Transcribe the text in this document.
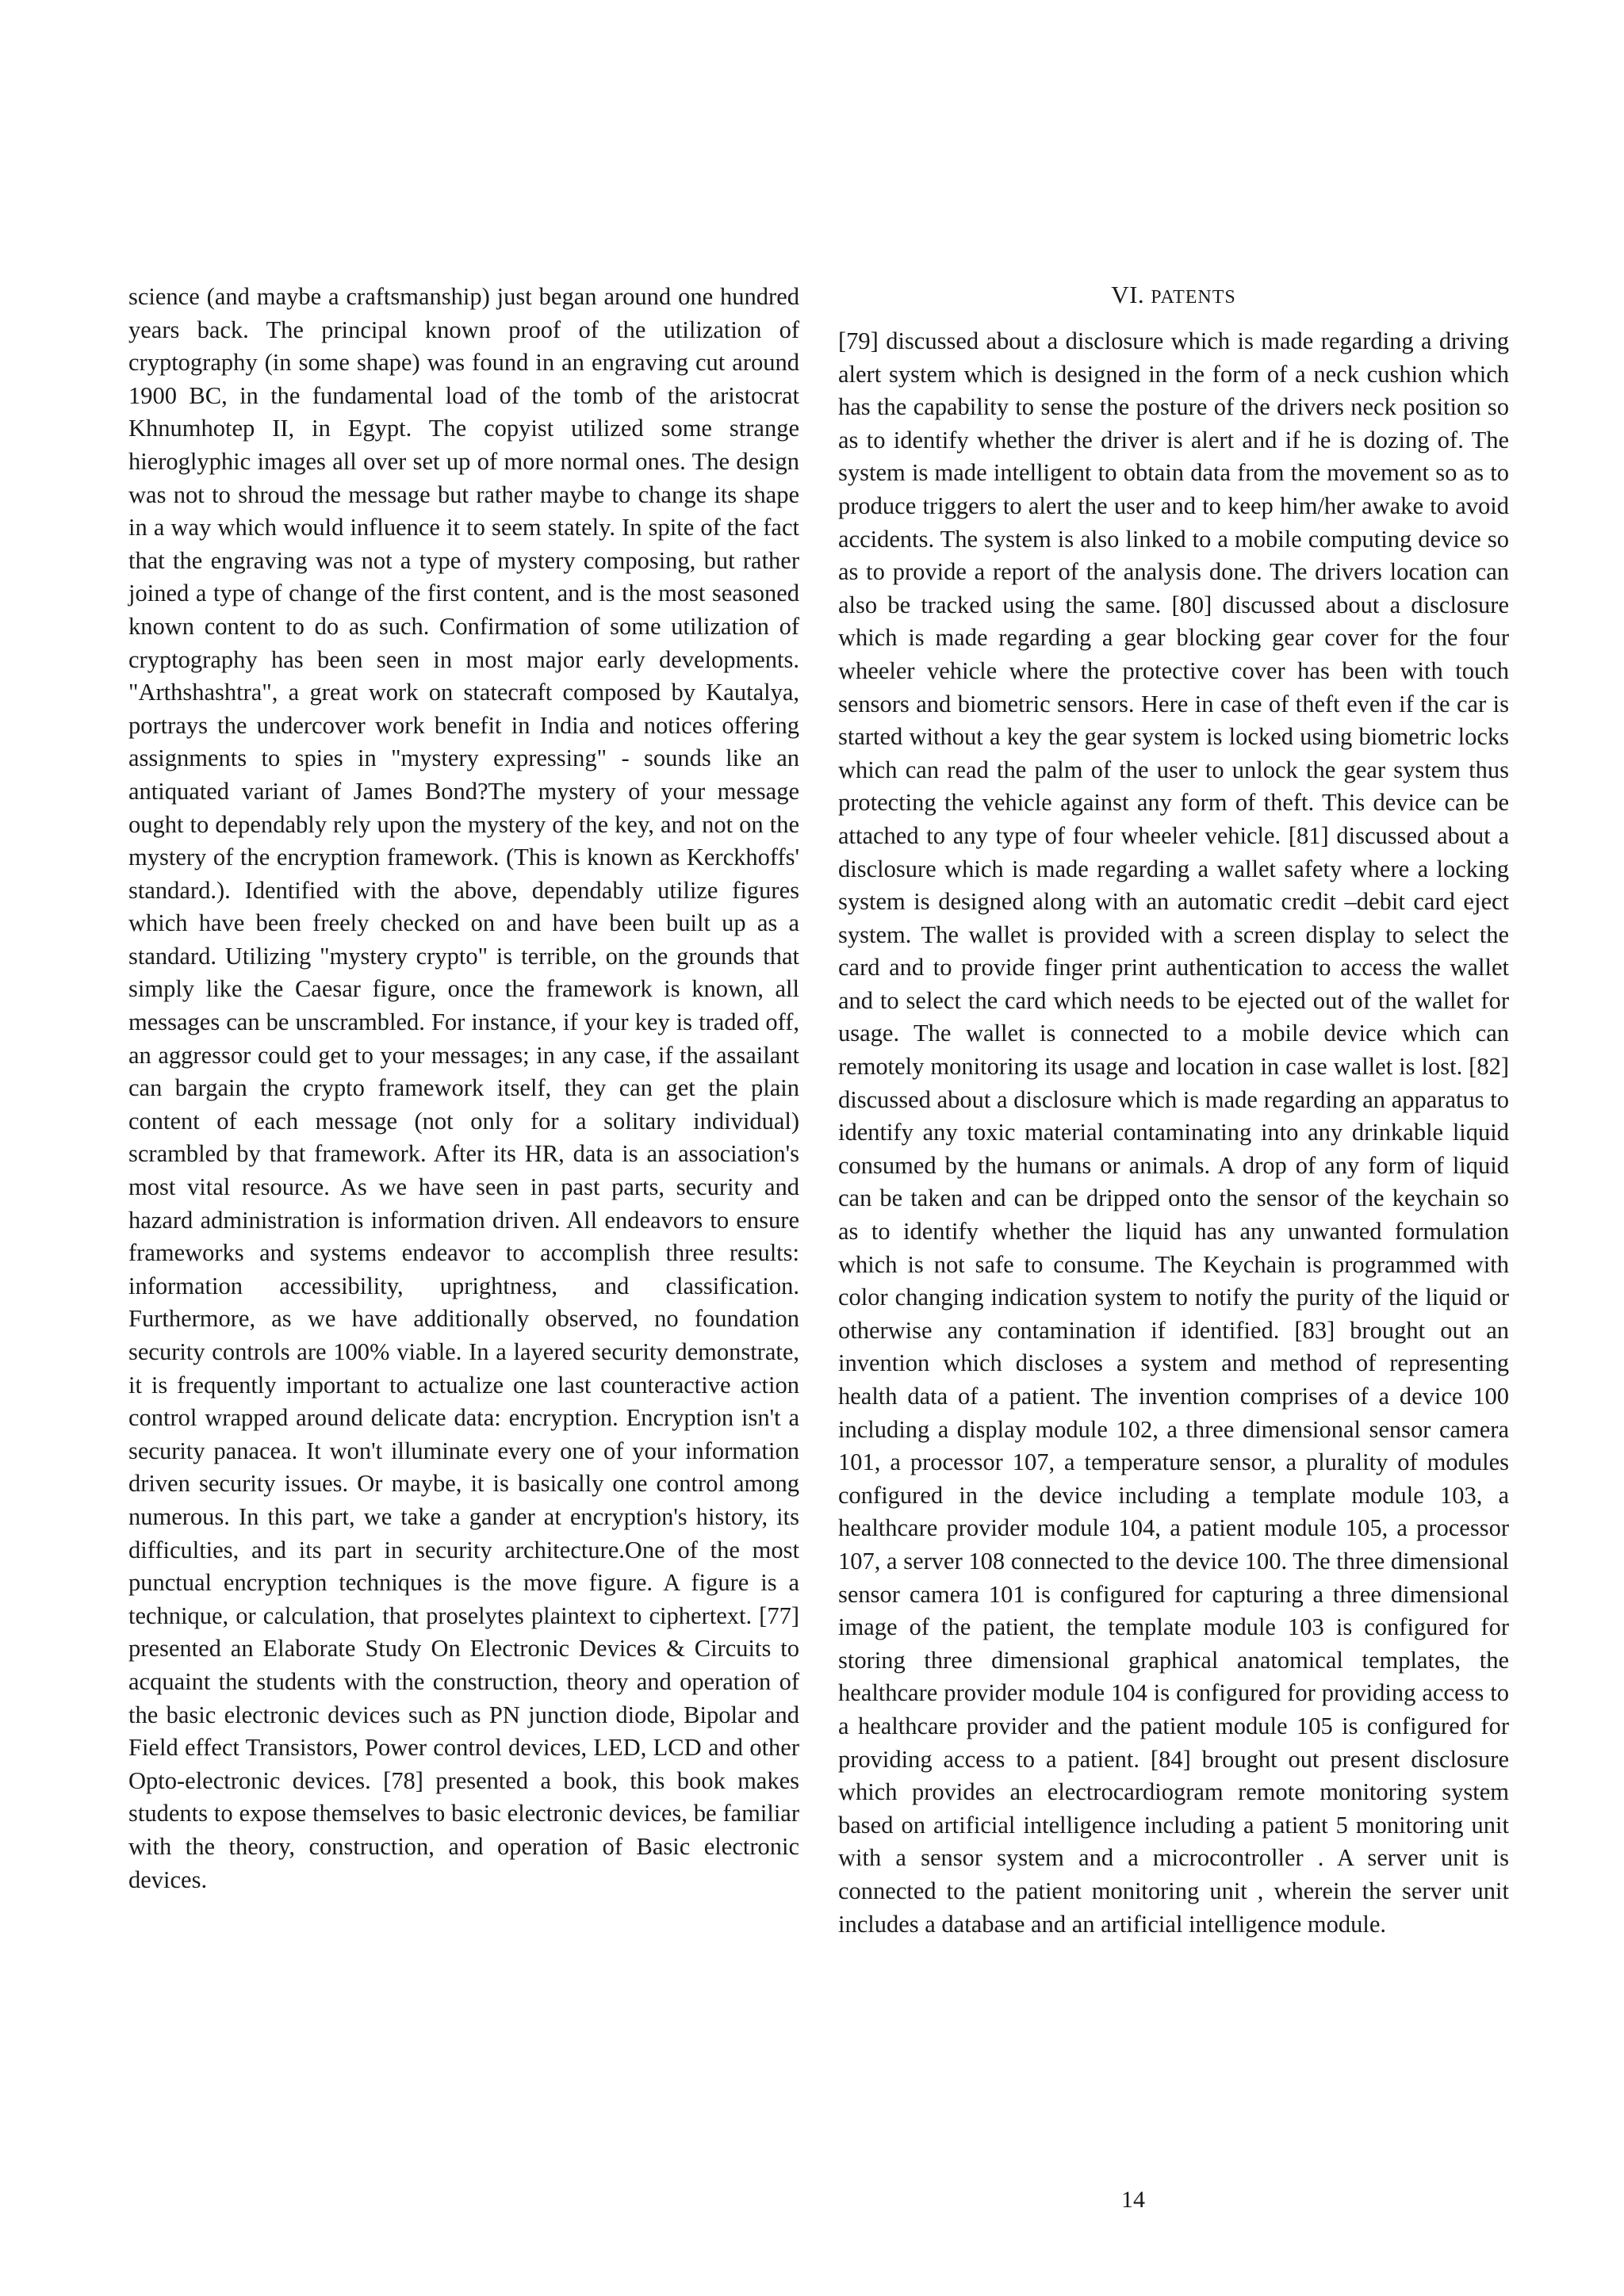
science (and maybe a craftsmanship) just began around one hundred years back. The principal known proof of the utilization of cryptography (in some shape) was found in an engraving cut around 1900 BC, in the fundamental load of the tomb of the aristocrat Khnumhotep II, in Egypt. The copyist utilized some strange hieroglyphic images all over set up of more normal ones. The design was not to shroud the message but rather maybe to change its shape in a way which would influence it to seem stately. In spite of the fact that the engraving was not a type of mystery composing, but rather joined a type of change of the first content, and is the most seasoned known content to do as such. Confirmation of some utilization of cryptography has been seen in most major early developments. "Arthshashtra", a great work on statecraft composed by Kautalya, portrays the undercover work benefit in India and notices offering assignments to spies in "mystery expressing" - sounds like an antiquated variant of James Bond?The mystery of your message ought to dependably rely upon the mystery of the key, and not on the mystery of the encryption framework. (This is known as Kerckhoffs' standard.). Identified with the above, dependably utilize figures which have been freely checked on and have been built up as a standard. Utilizing "mystery crypto" is terrible, on the grounds that simply like the Caesar figure, once the framework is known, all messages can be unscrambled. For instance, if your key is traded off, an aggressor could get to your messages; in any case, if the assailant can bargain the crypto framework itself, they can get the plain content of each message (not only for a solitary individual) scrambled by that framework. After its HR, data is an association's most vital resource. As we have seen in past parts, security and hazard administration is information driven. All endeavors to ensure frameworks and systems endeavor to accomplish three results: information accessibility, uprightness, and classification. Furthermore, as we have additionally observed, no foundation security controls are 100% viable. In a layered security demonstrate, it is frequently important to actualize one last counteractive action control wrapped around delicate data: encryption. Encryption isn't a security panacea. It won't illuminate every one of your information driven security issues. Or maybe, it is basically one control among numerous. In this part, we take a gander at encryption's history, its difficulties, and its part in security architecture.One of the most punctual encryption techniques is the move figure. A figure is a technique, or calculation, that proselytes plaintext to ciphertext. [77] presented an Elaborate Study On Electronic Devices & Circuits to acquaint the students with the construction, theory and operation of the basic electronic devices such as PN junction diode, Bipolar and Field effect Transistors, Power control devices, LED, LCD and other Opto-electronic devices. [78] presented a book, this book makes students to expose themselves to basic electronic devices, be familiar with the theory, construction, and operation of Basic electronic devices.

VI. PATENTS

[79] discussed about a disclosure which is made regarding a driving alert system which is designed in the form of a neck cushion which has the capability to sense the posture of the drivers neck position so as to identify whether the driver is alert and if he is dozing of. The system is made intelligent to obtain data from the movement so as to produce triggers to alert the user and to keep him/her awake to avoid accidents. The system is also linked to a mobile computing device so as to provide a report of the analysis done. The drivers location can also be tracked using the same. [80] discussed about a disclosure which is made regarding a gear blocking gear cover for the four wheeler vehicle where the protective cover has been with touch sensors and biometric sensors. Here in case of theft even if the car is started without a key the gear system is locked using biometric locks which can read the palm of the user to unlock the gear system thus protecting the vehicle against any form of theft. This device can be attached to any type of four wheeler vehicle. [81] discussed about a disclosure which is made regarding a wallet safety where a locking system is designed along with an automatic credit –debit card eject system. The wallet is provided with a screen display to select the card and to provide finger print authentication to access the wallet and to select the card which needs to be ejected out of the wallet for usage. The wallet is connected to a mobile device which can remotely monitoring its usage and location in case wallet is lost. [82] discussed about a disclosure which is made regarding an apparatus to identify any toxic material contaminating into any drinkable liquid consumed by the humans or animals. A drop of any form of liquid can be taken and can be dripped onto the sensor of the keychain so as to identify whether the liquid has any unwanted formulation which is not safe to consume. The Keychain is programmed with color changing indication system to notify the purity of the liquid or otherwise any contamination if identified. [83] brought out an invention which discloses a system and method of representing health data of a patient. The invention comprises of a device 100 including a display module 102, a three dimensional sensor camera 101, a processor 107, a temperature sensor, a plurality of modules configured in the device including a template module 103, a healthcare provider module 104, a patient module 105, a processor 107, a server 108 connected to the device 100. The three dimensional sensor camera 101 is configured for capturing a three dimensional image of the patient, the template module 103 is configured for storing three dimensional graphical anatomical templates, the healthcare provider module 104 is configured for providing access to a healthcare provider and the patient module 105 is configured for providing access to a patient. [84] brought out present disclosure which provides an electrocardiogram remote monitoring system based on artificial intelligence including a patient 5 monitoring unit with a sensor system and a microcontroller . A server unit is connected to the patient monitoring unit , wherein the server unit includes a database and an artificial intelligence module.

14
